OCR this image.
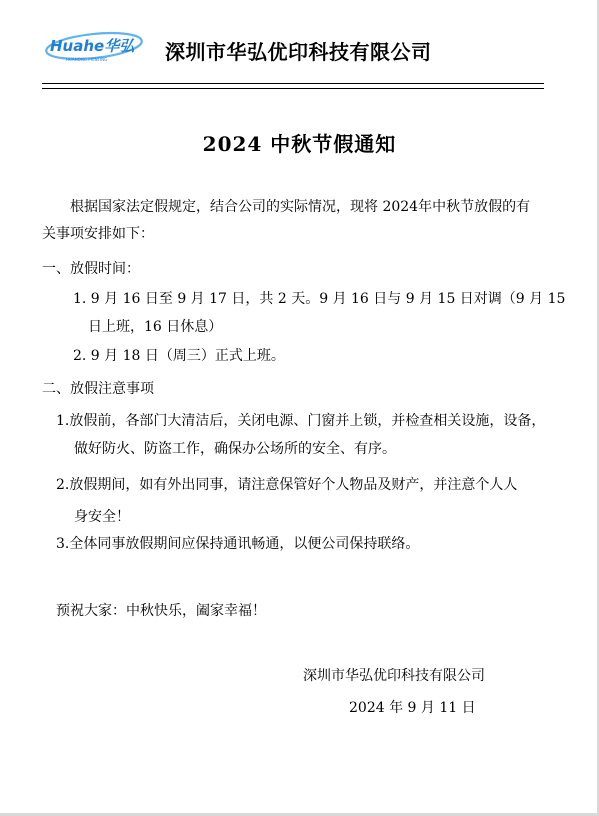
Huahe华弘
HUAHONG PRINTING	深圳市华弘优印科技有限公司
2024 中秋节假通知
根据国家法定假规定，结合公司的实际情况，现将 2024年中秋节放假的有
关事项安排如下：
一、放假时间：
1. 9 月 16 日至 9 月 17 日，共 2 天。9 月 16 日与 9 月 15 日对调（9 月 15
日上班，16 日休息）
2. 9 月 18 日（周三）正式上班。
二、放假注意事项
1.放假前，各部门大清洁后，关闭电源、门窗并上锁，并检查相关设施，设备，
做好防火、防盗工作，确保办公场所的安全、有序。
2.放假期间，如有外出同事，请注意保管好个人物品及财产，并注意个人人
身安全！
3.全体同事放假期间应保持通讯畅通，以便公司保持联络。
预祝大家：中秋快乐，阖家幸福！
深圳市华弘优印科技有限公司
2024 年 9 月 11 日
